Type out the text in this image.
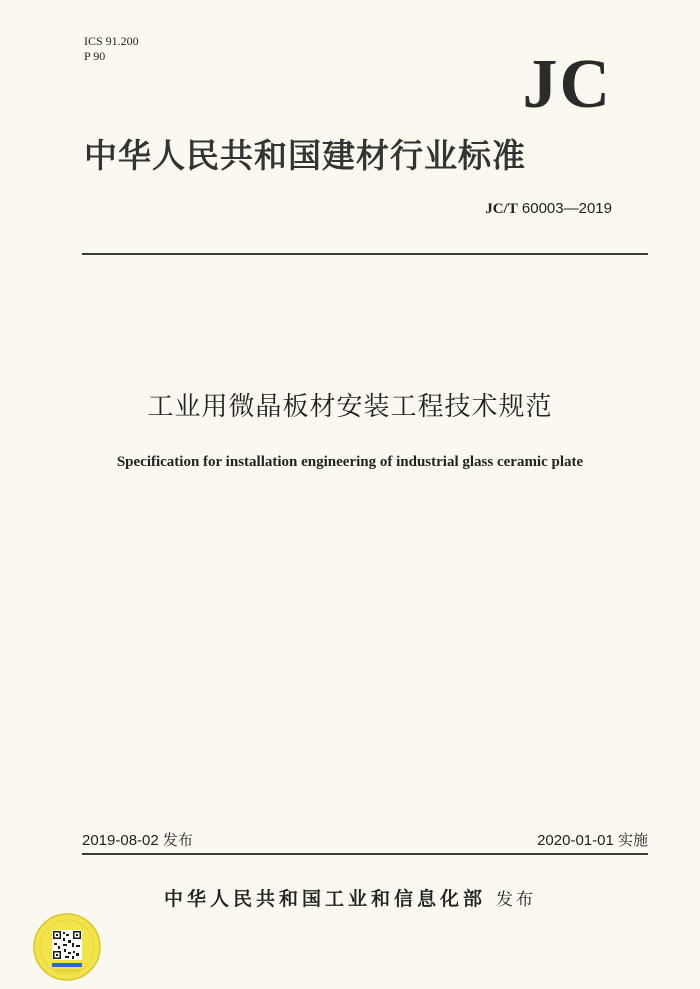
ICS 91.200
P 90	JC
中华人民共和国建材行业标准
JC/T 60003—2019
工业用微晶板材安装工程技术规范
Specification for installation engineering of industrial glass ceramic plate
2019-08-02 发布	2020-01-01 实施
中华人民共和国工业和信息化部 发布
